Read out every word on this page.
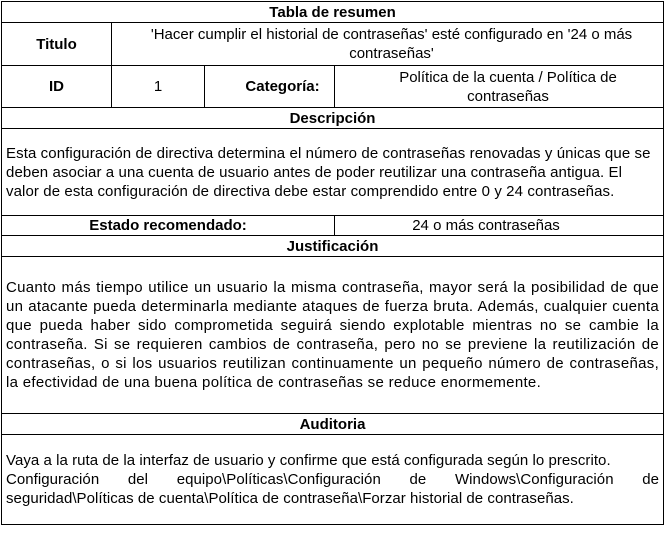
Tabla de resumen			
Titulo	'Hacer cumplir el historial de contraseñas' esté configurado en '24 o más contraseñas'		
ID	1	Categoría:	Política de la cuenta / Política de contraseñas
Descripción			
Esta configuración de directiva determina el número de contraseñas renovadas y únicas que se deben asociar a una cuenta de usuario antes de poder reutilizar una contraseña antigua. El valor de esta configuración de directiva debe estar comprendido entre 0 y 24 contraseñas.			
Estado recomendado:			24 o más contraseñas
Justificación			
Cuanto más tiempo utilice un usuario la misma contraseña, mayor será la posibilidad de que un atacante pueda determinarla mediante ataques de fuerza bruta. Además, cualquier cuenta que pueda haber sido comprometida seguirá siendo explotable mientras no se cambie la contraseña. Si se requieren cambios de contraseña, pero no se previene la reutilización de contraseñas, o si los usuarios reutilizan continuamente un pequeño número de contraseñas, la efectividad de una buena política de contraseñas se reduce enormemente.			
Auditoria			

Vaya a la ruta de la interfaz de usuario y confirme que está configurada según lo prescrito.
Configuración del equipo\Políticas\Configuración de Windows\Configuración de seguridad\Políticas de cuenta\Política de contraseña\Forzar historial de contraseñas.			
